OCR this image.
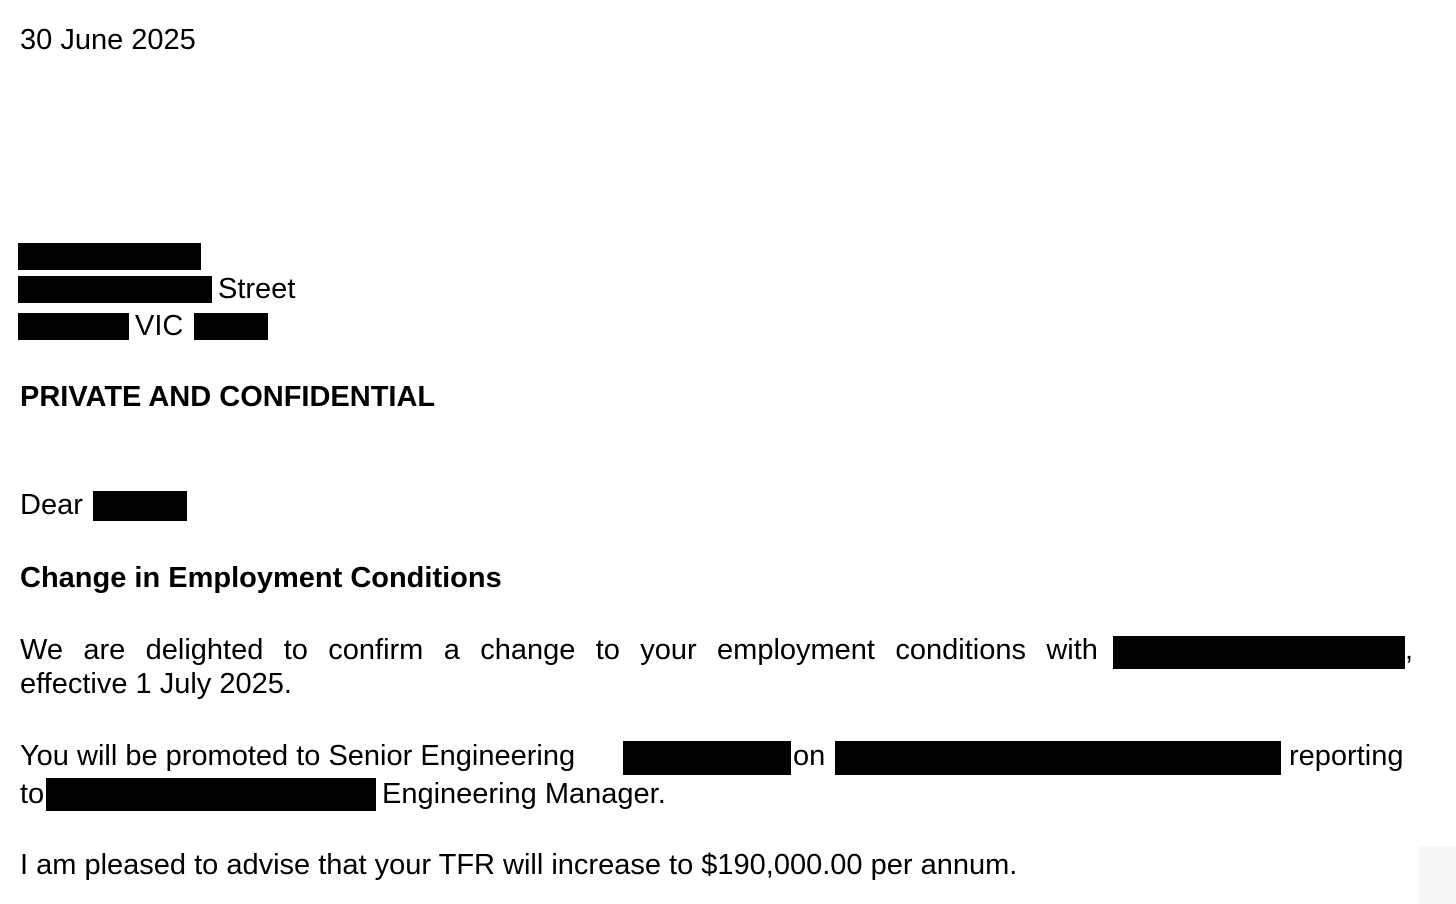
30 June 2025
Street
VIC
PRIVATE AND CONFIDENTIAL
Dear
Change in Employment Conditions
We are delighted to confirm a change to your employment conditions with	,
effective 1 July 2025.
You will be promoted to Senior Engineering	on	reporting
to	Engineering Manager.
I am pleased to advise that your TFR will increase to $190,000.00 per annum.
